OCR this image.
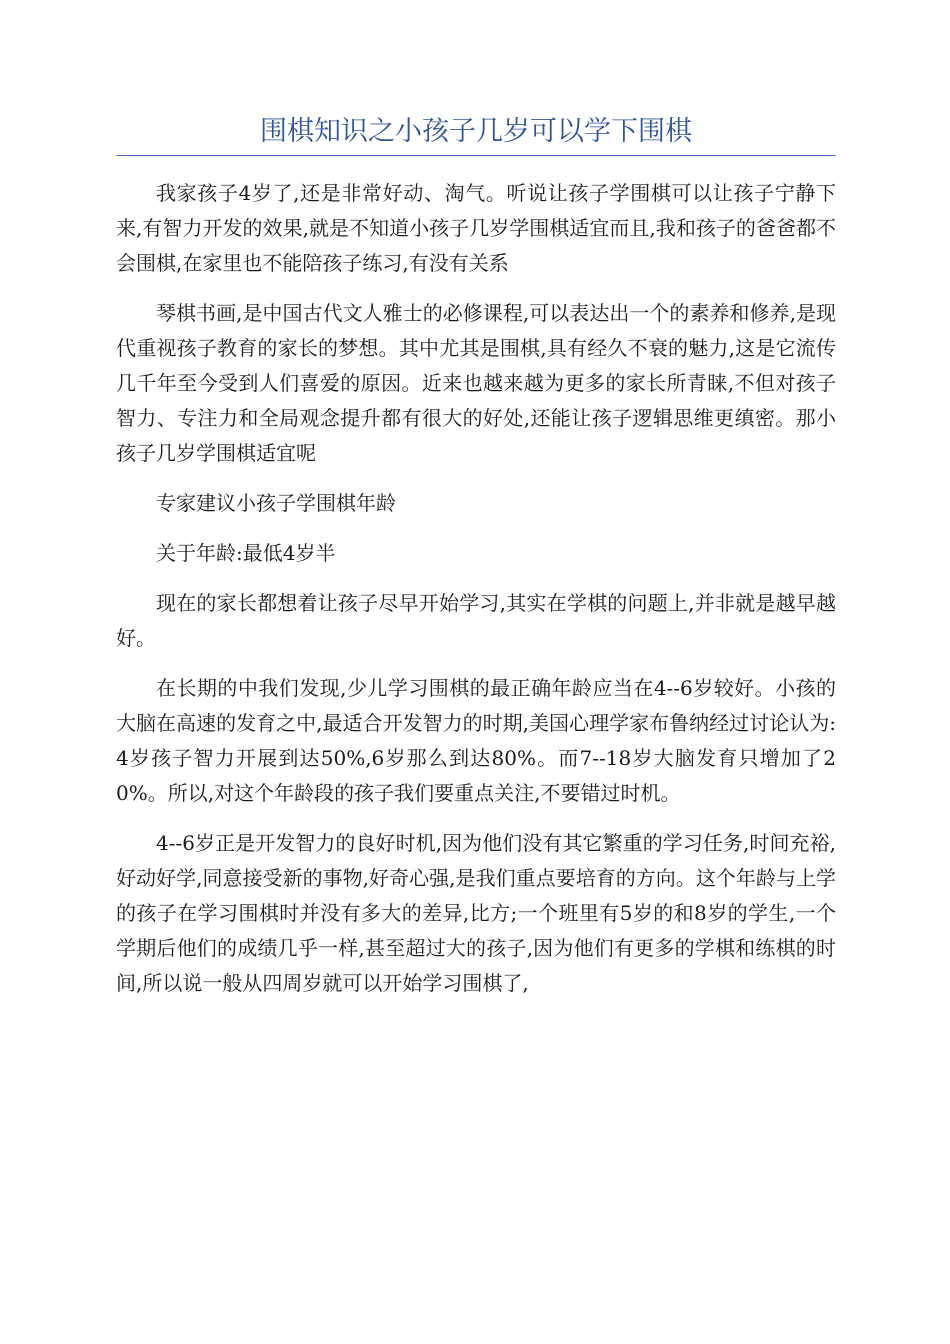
围棋知识之小孩子几岁可以学下围棋

我家孩子4岁了,还是非常好动、淘气。听说让孩子学围棋可以让孩子宁静下来,有智力开发的效果,就是不知道小孩子几岁学围棋适宜而且,我和孩子的爸爸都不会围棋,在家里也不能陪孩子练习,有没有关系

琴棋书画,是中国古代文人雅士的必修课程,可以表达出一个的素养和修养,是现代重视孩子教育的家长的梦想。其中尤其是围棋,具有经久不衰的魅力,这是它流传几千年至今受到人们喜爱的原因。近来也越来越为更多的家长所青睐,不但对孩子智力、专注力和全局观念提升都有很大的好处,还能让孩子逻辑思维更缜密。那小孩子几岁学围棋适宜呢

专家建议小孩子学围棋年龄

关于年龄:最低4岁半

现在的家长都想着让孩子尽早开始学习,其实在学棋的问题上,并非就是越早越好。

在长期的中我们发现,少儿学习围棋的最正确年龄应当在4--6岁较好。小孩的大脑在高速的发育之中,最适合开发智力的时期,美国心理学家布鲁纳经过讨论认为:4岁孩子智力开展到达50%,6岁那么到达80%。而7--18岁大脑发育只增加了20%。所以,对这个年龄段的孩子我们要重点关注,不要错过时机。

4--6岁正是开发智力的良好时机,因为他们没有其它繁重的学习任务,时间充裕,好动好学,同意接受新的事物,好奇心强,是我们重点要培育的方向。这个年龄与上学的孩子在学习围棋时并没有多大的差异,比方;一个班里有5岁的和8岁的学生,一个学期后他们的成绩几乎一样,甚至超过大的孩子,因为他们有更多的学棋和练棋的时间,所以说一般从四周岁就可以开始学习围棋了,
